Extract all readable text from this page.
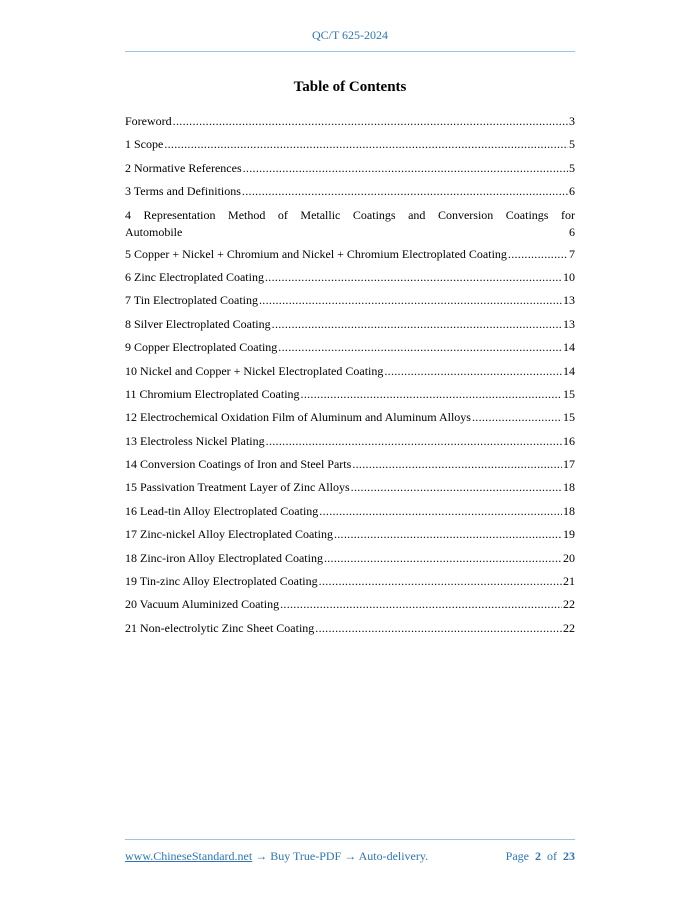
QC/T 625-2024
Table of Contents
Foreword .....	3
1 Scope .....	5
2 Normative References .....	5
3 Terms and Definitions .....	6
4 Representation Method of Metallic Coatings and Conversion Coatings for
Automobile	6
5 Copper + Nickel + Chromium and Nickel + Chromium Electroplated Coating .....	7
6 Zinc Electroplated Coating .....	10
7 Tin Electroplated Coating .....	13
8 Silver Electroplated Coating .....	13
9 Copper Electroplated Coating .....	14
10 Nickel and Copper + Nickel Electroplated Coating .....	14
11 Chromium Electroplated Coating .....	15
12 Electrochemical Oxidation Film of Aluminum and Aluminum Alloys .....	15
13 Electroless Nickel Plating .....	16
14 Conversion Coatings of Iron and Steel Parts .....	17
15 Passivation Treatment Layer of Zinc Alloys .....	18
16 Lead-tin Alloy Electroplated Coating .....	18
17 Zinc-nickel Alloy Electroplated Coating .....	19
18 Zinc-iron Alloy Electroplated Coating .....	20
19 Tin-zinc Alloy Electroplated Coating .....	21
20 Vacuum Aluminized Coating .....	22
21 Non-electrolytic Zinc Sheet Coating .....	22
www.ChineseStandard.net → Buy True-PDF → Auto-delivery.	Page 2 of 23
